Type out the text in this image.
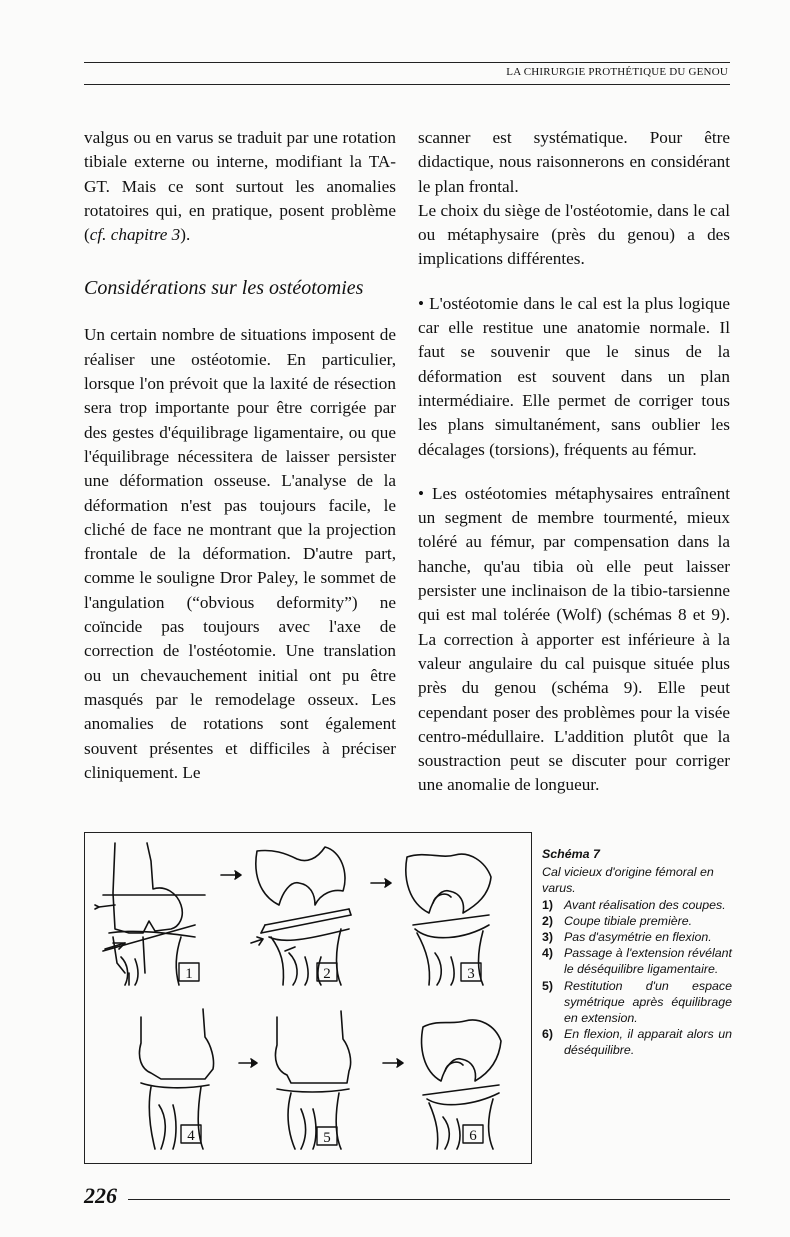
LA CHIRURGIE PROTHÉTIQUE DU GENOU

valgus ou en varus se traduit par une rotation tibiale externe ou interne, modifiant la TA-GT. Mais ce sont surtout les anomalies rotatoires qui, en pratique, posent problème (cf. chapitre 3).

Considérations sur les ostéotomies

Un certain nombre de situations imposent de réaliser une ostéotomie. En particulier, lorsque l'on prévoit que la laxité de résection sera trop importante pour être corrigée par des gestes d'équilibrage ligamentaire, ou que l'équilibrage nécessitera de laisser persister une déformation osseuse. L'analyse de la déformation n'est pas toujours facile, le cliché de face ne montrant que la projection frontale de la déformation. D'autre part, comme le souligne Dror Paley, le sommet de l'angulation (“obvious deformity”) ne coïncide pas toujours avec l'axe de correction de l'ostéotomie. Une translation ou un chevauchement initial ont pu être masqués par le remodelage osseux. Les anomalies de rotations sont également souvent présentes et difficiles à préciser cliniquement. Le

scanner est systématique. Pour être didactique, nous raisonnerons en considérant le plan frontal.

Le choix du siège de l'ostéotomie, dans le cal ou métaphysaire (près du genou) a des implications différentes.

• L'ostéotomie dans le cal est la plus logique car elle restitue une anatomie normale. Il faut se souvenir que le sinus de la déformation est souvent dans un plan intermédiaire. Elle permet de corriger tous les plans simultanément, sans oublier les décalages (torsions), fréquents au fémur.

• Les ostéotomies métaphysaires entraînent un segment de membre tourmenté, mieux toléré au fémur, par compensation dans la hanche, qu'au tibia où elle peut laisser persister une inclinaison de la tibio-tarsienne qui est mal tolérée (Wolf) (schémas 8 et 9). La correction à apporter est inférieure à la valeur angulaire du cal puisque située plus près du genou (schéma 9). Elle peut cependant poser des problèmes pour la visée centro-médullaire. L'addition plutôt que la soustraction peut se discuter pour corriger une anomalie de longueur.

1	2	3
4	5	6
Schéma 7
Cal vicieux d'origine fémoral en varus.
1) Avant réalisation des coupes.
2) Coupe tibiale première.
3) Pas d'asymétrie en flexion.
4) Passage à l'extension révélant le déséquilibre ligamentaire.
5) Restitution d'un espace symétrique après équilibrage en extension.
6) En flexion, il apparait alors un déséquilibre.
226
